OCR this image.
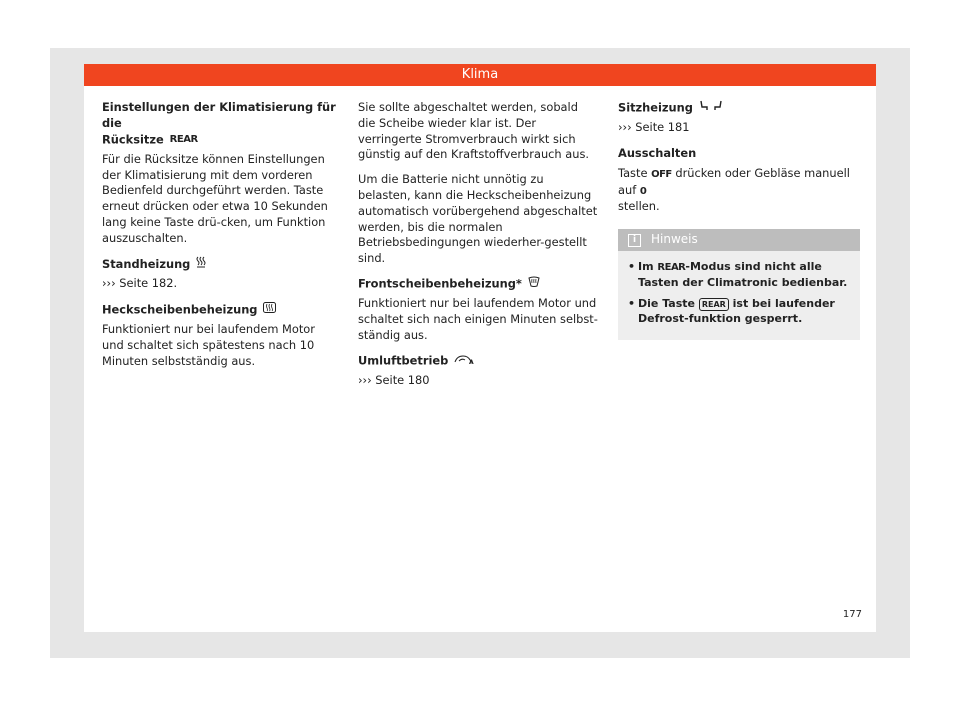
Klima
Einstellungen der Klimatisierung für die
Rücksitze REAR

Für die Rücksitze können Einstellungen der Klimatisierung mit dem vorderen Bedienfeld durchgeführt werden. Taste erneut drücken oder etwa 10 Sekunden lang keine Taste drü-cken, um Funktion auszuschalten.

Standheizung

››› Seite 182.

Heckscheibenbeheizung

Funktioniert nur bei laufendem Motor und schaltet sich spätestens nach 10 Minuten selbstständig aus.

Sie sollte abgeschaltet werden, sobald die Scheibe wieder klar ist. Der verringerte Stromverbrauch wirkt sich günstig auf den Kraftstoffverbrauch aus.

Um die Batterie nicht unnötig zu belasten, kann die Heckscheibenheizung automatisch vorübergehend abgeschaltet werden, bis die normalen Betriebsbedingungen wiederher-gestellt sind.

Frontscheibenbeheizung*

Funktioniert nur bei laufendem Motor und schaltet sich nach einigen Minuten selbst-ständig aus.

Umluftbetrieb	A

››› Seite 180

Sitzheizung

››› Seite 181

Ausschalten

Taste OFF drücken oder Gebläse manuell auf 0
stellen.

i	Hinweis
• Im REAR-Modus sind nicht alle Tasten der Climatronic bedienbar.
• Die Taste REAR ist bei laufender Defrost-funktion gesperrt.
177
